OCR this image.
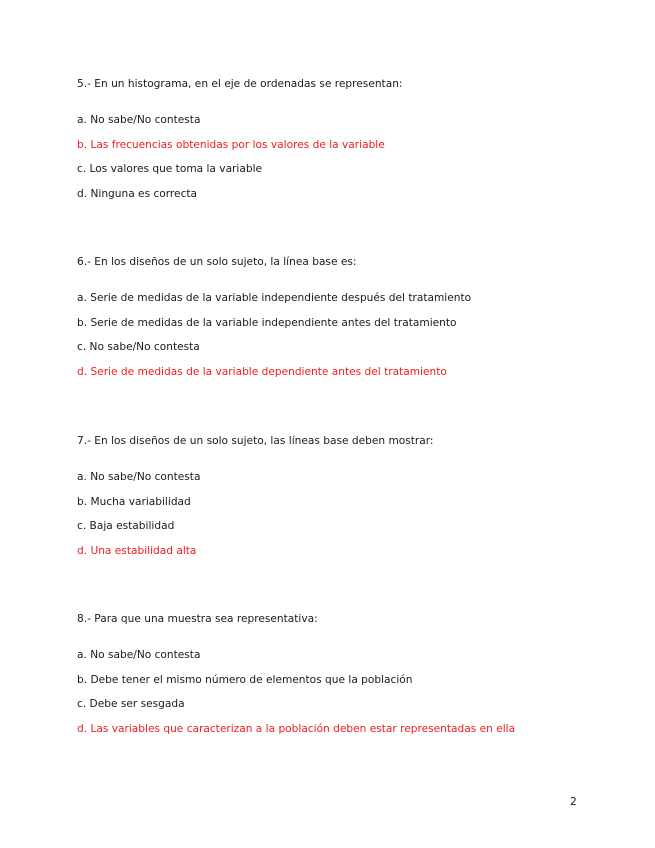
5.- En un histograma, en el eje de ordenadas se representan:

a. No sabe/No contesta
b. Las frecuencias obtenidas por los valores de la variable
c. Los valores que toma la variable
d. Ninguna es correcta

6.- En los diseños de un solo sujeto, la línea base es:

a. Serie de medidas de la variable independiente después del tratamiento
b. Serie de medidas de la variable independiente antes del tratamiento
c. No sabe/No contesta
d. Serie de medidas de la variable dependiente antes del tratamiento

7.- En los diseños de un solo sujeto, las líneas base deben mostrar:

a. No sabe/No contesta
b. Mucha variabilidad
c. Baja estabilidad
d. Una estabilidad alta

8.- Para que una muestra sea representativa:

a. No sabe/No contesta
b. Debe tener el mismo número de elementos que la población
c. Debe ser sesgada
d. Las variables que caracterizan a la población deben estar representadas en ella
2
